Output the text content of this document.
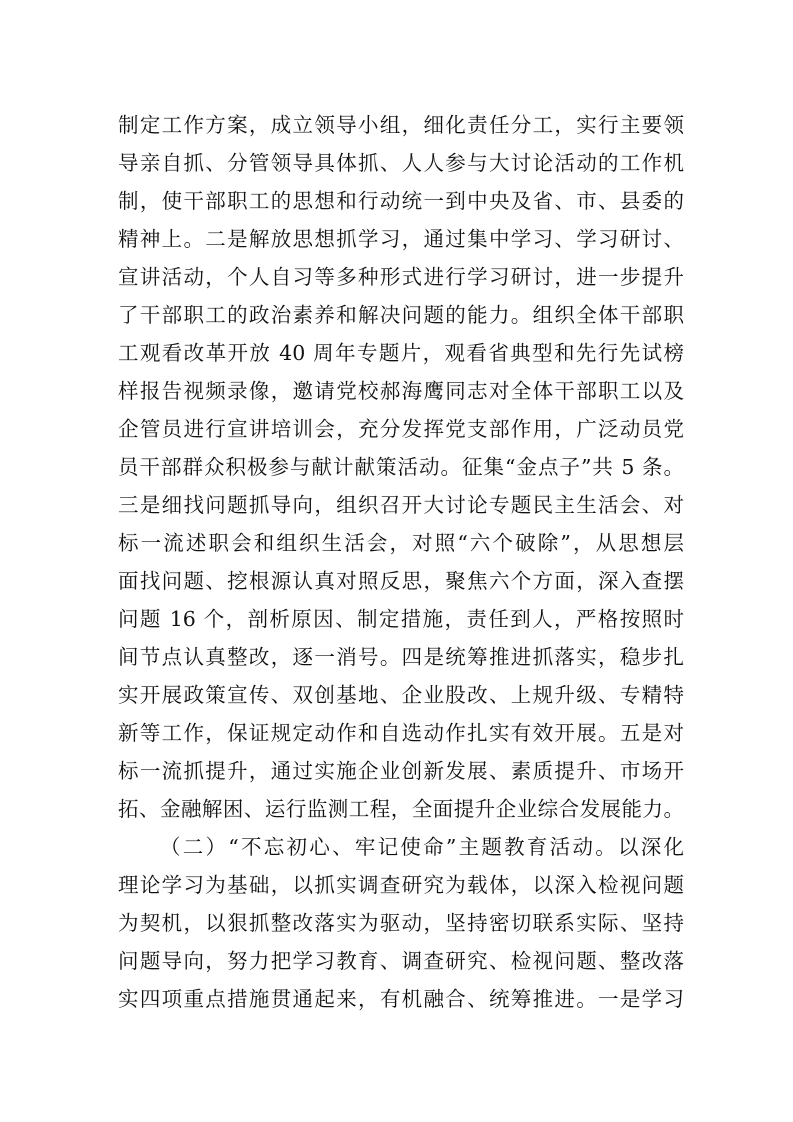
制定工作方案，成立领导小组，细化责任分工，实行主要领
导亲自抓、分管领导具体抓、人人参与大讨论活动的工作机
制，使干部职工的思想和行动统一到中央及省、市、县委的
精神上。二是解放思想抓学习，通过集中学习、学习研讨、
宣讲活动，个人自习等多种形式进行学习研讨，进一步提升
了干部职工的政治素养和解决问题的能力。组织全体干部职
工观看改革开放 40 周年专题片，观看省典型和先行先试榜
样报告视频录像，邀请党校郝海鹰同志对全体干部职工以及
企管员进行宣讲培训会，充分发挥党支部作用，广泛动员党
员干部群众积极参与献计献策活动。征集“金点子”共 5 条。
三是细找问题抓导向，组织召开大讨论专题民主生活会、对
标一流述职会和组织生活会，对照“六个破除”，从思想层
面找问题、挖根源认真对照反思，聚焦六个方面，深入查摆
问题 16 个，剖析原因、制定措施，责任到人，严格按照时
间节点认真整改，逐一消号。四是统筹推进抓落实，稳步扎
实开展政策宣传、双创基地、企业股改、上规升级、专精特
新等工作，保证规定动作和自选动作扎实有效开展。五是对
标一流抓提升，通过实施企业创新发展、素质提升、市场开
拓、金融解困、运行监测工程，全面提升企业综合发展能力。
（二）“不忘初心、牢记使命”主题教育活动。以深化
理论学习为基础，以抓实调查研究为载体，以深入检视问题
为契机，以狠抓整改落实为驱动，坚持密切联系实际、坚持
问题导向，努力把学习教育、调查研究、检视问题、整改落
实四项重点措施贯通起来，有机融合、统筹推进。一是学习
